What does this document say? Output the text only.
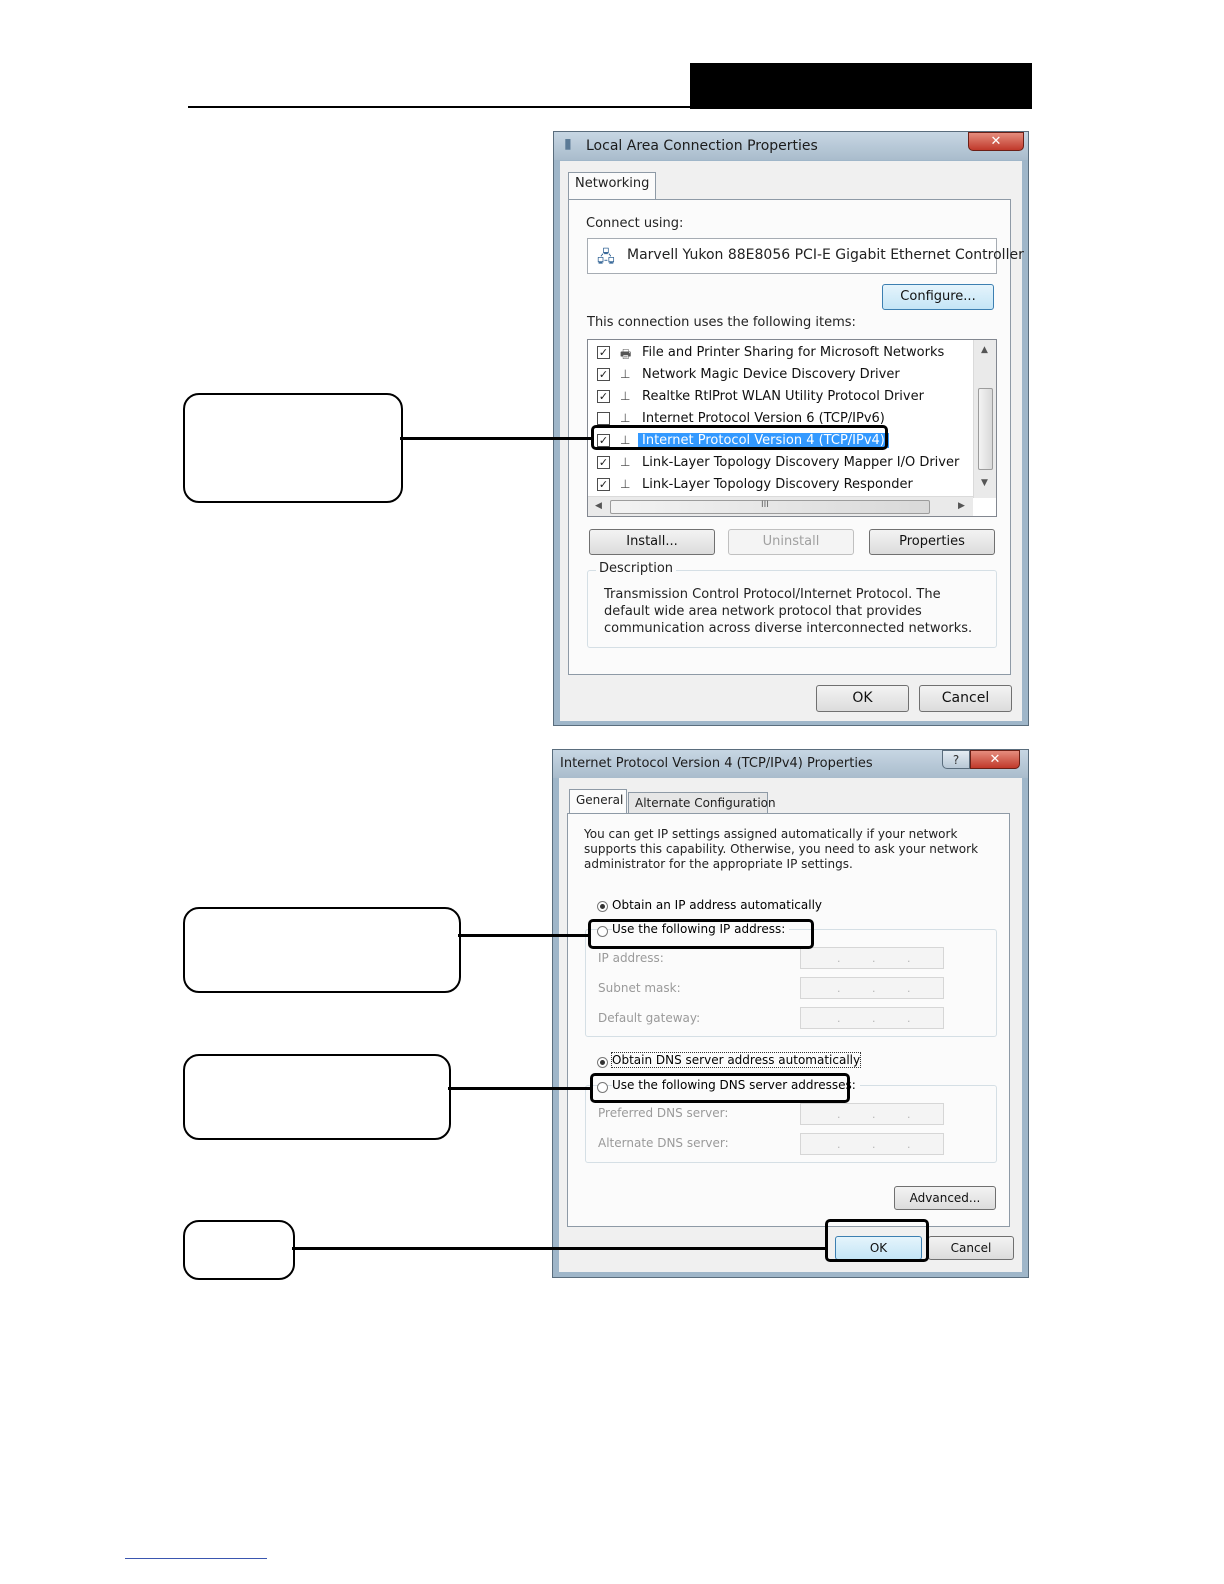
▮ Local Area Connection Properties	✕
Networking
Connect using:
🖧 Marvell Yukon 88E8056 PCI-E Gigabit Ethernet Controller
Configure...
This connection uses the following items:
✓ 🖶 File and Printer Sharing for Microsoft Networks
✓ ⊥ Network Magic Device Discovery Driver
✓ ⊥ Realtke RtlProt WLAN Utility Protocol Driver
⊥ Internet Protocol Version 6 (TCP/IPv6)
✓ ⊥ Internet Protocol Version 4 (TCP/IPv4)
✓ ⊥ Link-Layer Topology Discovery Mapper I/O Driver
✓ ⊥ Link-Layer Topology Discovery Responder
▲
▼
◀	III	▶
Install...	Uninstall	Properties
Description
Transmission Control Protocol/Internet Protocol. The default wide area network protocol that provides communication across diverse interconnected networks.
OK	Cancel
Internet Protocol Version 4 (TCP/IPv4) Properties	?	✕
General Alternate Configuration
You can get IP settings assigned automatically if your network supports this capability. Otherwise, you need to ask your network administrator for the appropriate IP settings.
Obtain an IP address automatically
Use the following IP address:
IP address:	.	.	.
Subnet mask:	.	.	.
Default gateway:	.	.	.
Obtain DNS server address automatically
Use the following DNS server addresses:
Preferred DNS server:	.	.	.
Alternate DNS server:	.	.	.
Advanced...
OK	Cancel
